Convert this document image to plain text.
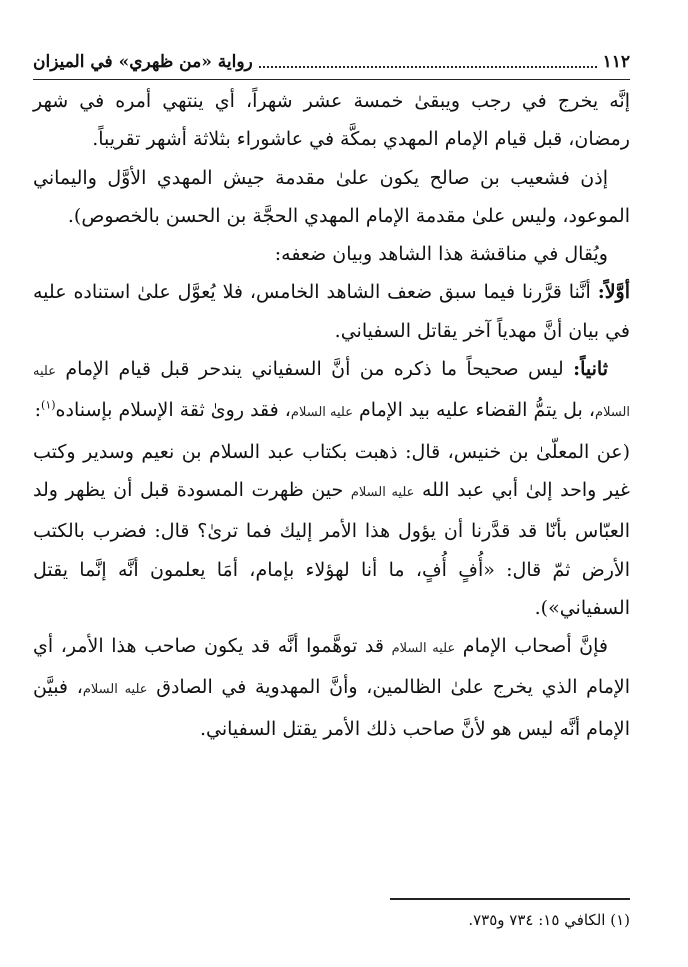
١١٢
رواية «من ظهري» في الميزان

إنَّه يخرج في رجب ويبقىٰ خمسة عشر شهراً، أي ينتهي أمره في شهر رمضان، قبل قيام الإمام المهدي بمكَّة في عاشوراء بثلاثة أشهر تقريباً.

إذن فشعيب بن صالح يكون علىٰ مقدمة جيش المهدي الأوَّل واليماني الموعود، وليس علىٰ مقدمة الإمام المهدي الحجَّة بن الحسن بالخصوص).

ويُقال في مناقشة هذا الشاهد وبيان ضعفه:

أوَّلاً: أنَّنا قرَّرنا فيما سبق ضعف الشاهد الخامس، فلا يُعوَّل علىٰ استناده عليه في بيان أنَّ مهدياً آخر يقاتل السفياني.

ثانياً: ليس صحيحاً ما ذكره من أنَّ السفياني يندحر قبل قيام الإمام عليه السلام، بل يتمُّ القضاء عليه بيد الإمام عليه السلام، فقد روىٰ ثقة الإسلام بإسناده$^{(١)}$:

(عن المعلّىٰ بن خنيس، قال: ذهبت بكتاب عبد السلام بن نعيم وسدير وكتب غير واحد إلىٰ أبي عبد الله عليه السلام حين ظهرت المسودة قبل أن يظهر ولد العبّاس بأنّا قد قدَّرنا أن يؤول هذا الأمر إليك فما ترىٰ؟ قال: فضرب بالكتب الأرض ثمّ قال: «أُفٍ أُفٍ، ما أنا لهؤلاء بإمام، أمَا يعلمون أنَّه إنَّما يقتل السفياني»).

فإنَّ أصحاب الإمام عليه السلام قد توهَّموا أنَّه قد يكون صاحب هذا الأمر، أي الإمام الذي يخرج علىٰ الظالمين، وأنَّ المهدوية في الصادق عليه السلام، فبيَّن الإمام أنَّه ليس هو لأنَّ صاحب ذلك الأمر يقتل السفياني.

(١) الكافي ١٥: ٧٣٤ و٧٣٥.
